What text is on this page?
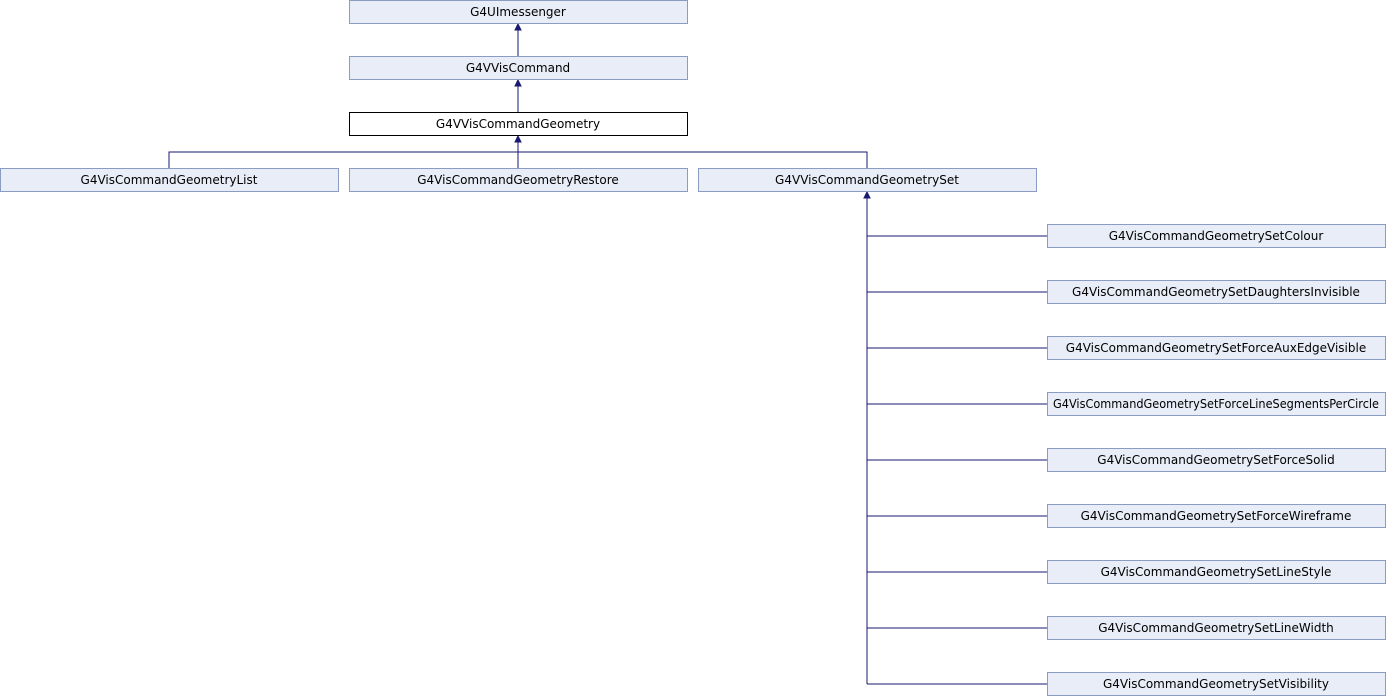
G4UImessenger
G4VVisCommand
G4VVisCommandGeometry
G4VisCommandGeometryList	G4VisCommandGeometryRestore	G4VVisCommandGeometrySet
G4VisCommandGeometrySetColour
G4VisCommandGeometrySetDaughtersInvisible
G4VisCommandGeometrySetForceAuxEdgeVisible
G4VisCommandGeometrySetForceLineSegmentsPerCircle
G4VisCommandGeometrySetForceSolid
G4VisCommandGeometrySetForceWireframe
G4VisCommandGeometrySetLineStyle
G4VisCommandGeometrySetLineWidth
G4VisCommandGeometrySetVisibility
